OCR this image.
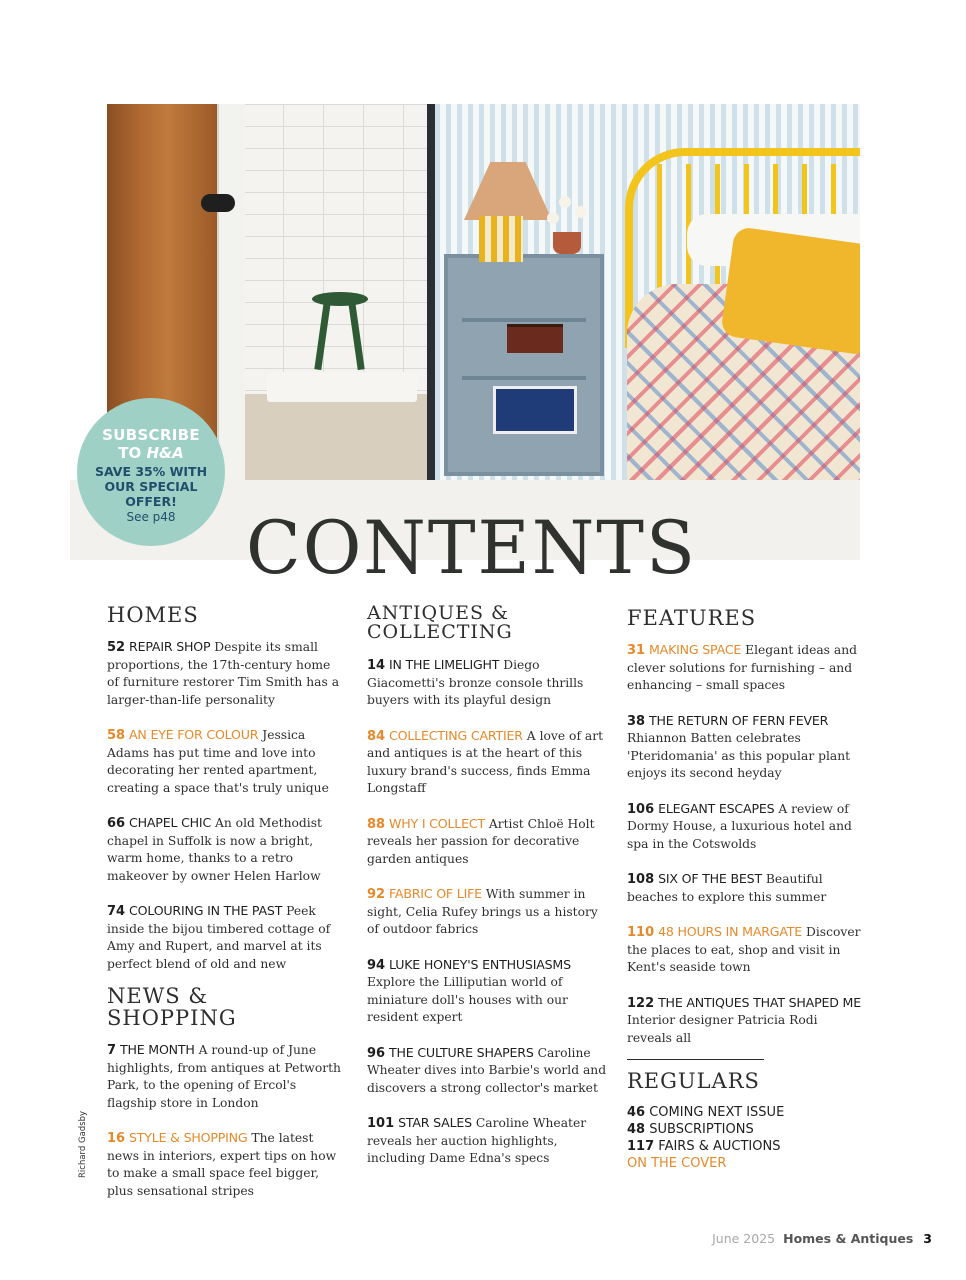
SUBSCRIBE
TO H&A
SAVE 35% WITH OUR SPECIAL OFFER!
See p48 CONTENTS
HOMES

52 REPAIR SHOP Despite its small proportions, the 17th-century home of furniture restorer Tim Smith has a larger-than-life personality

58 AN EYE FOR COLOUR Jessica Adams has put time and love into decorating her rented apartment, creating a space that's truly unique

66 CHAPEL CHIC An old Methodist chapel in Suffolk is now a bright, warm home, thanks to a retro makeover by owner Helen Harlow

74 COLOURING IN THE PAST Peek inside the bijou timbered cottage of Amy and Rupert, and marvel at its perfect blend of old and new

NEWS & SHOPPING

7 THE MONTH A round-up of June highlights, from antiques at Petworth Park, to the opening of Ercol's flagship store in London

16 STYLE & SHOPPING The latest news in interiors, expert tips on how to make a small space feel bigger, plus sensational stripes

ANTIQUES &
COLLECTING

14 IN THE LIMELIGHT Diego Giacometti's bronze console thrills buyers with its playful design

84 COLLECTING CARTIER A love of art and antiques is at the heart of this luxury brand's success, finds Emma Longstaff

88 WHY I COLLECT Artist Chloë Holt reveals her passion for decorative garden antiques

92 FABRIC OF LIFE With summer in sight, Celia Rufey brings us a history of outdoor fabrics

94 LUKE HONEY'S ENTHUSIASMS Explore the Lilliputian world of miniature doll's houses with our resident expert

96 THE CULTURE SHAPERS Caroline Wheater dives into Barbie's world and discovers a strong collector's market

101 STAR SALES Caroline Wheater reveals her auction highlights, including Dame Edna's specs

FEATURES

31 MAKING SPACE Elegant ideas and clever solutions for furnishing – and enhancing – small spaces

38 THE RETURN OF FERN FEVER Rhiannon Batten celebrates 'Pteridomania' as this popular plant enjoys its second heyday

106 ELEGANT ESCAPES A review of Dormy House, a luxurious hotel and spa in the Cotswolds

108 SIX OF THE BEST Beautiful beaches to explore this summer

110 48 HOURS IN MARGATE Discover the places to eat, shop and visit in Kent's seaside town

122 THE ANTIQUES THAT SHAPED ME Interior designer Patricia Rodi reveals all

REGULARS
46 COMING NEXT ISSUE
48 SUBSCRIPTIONS
117 FAIRS & AUCTIONS
ON THE COVER
Richard Gadsby
June 2025 Homes & Antiques 3
